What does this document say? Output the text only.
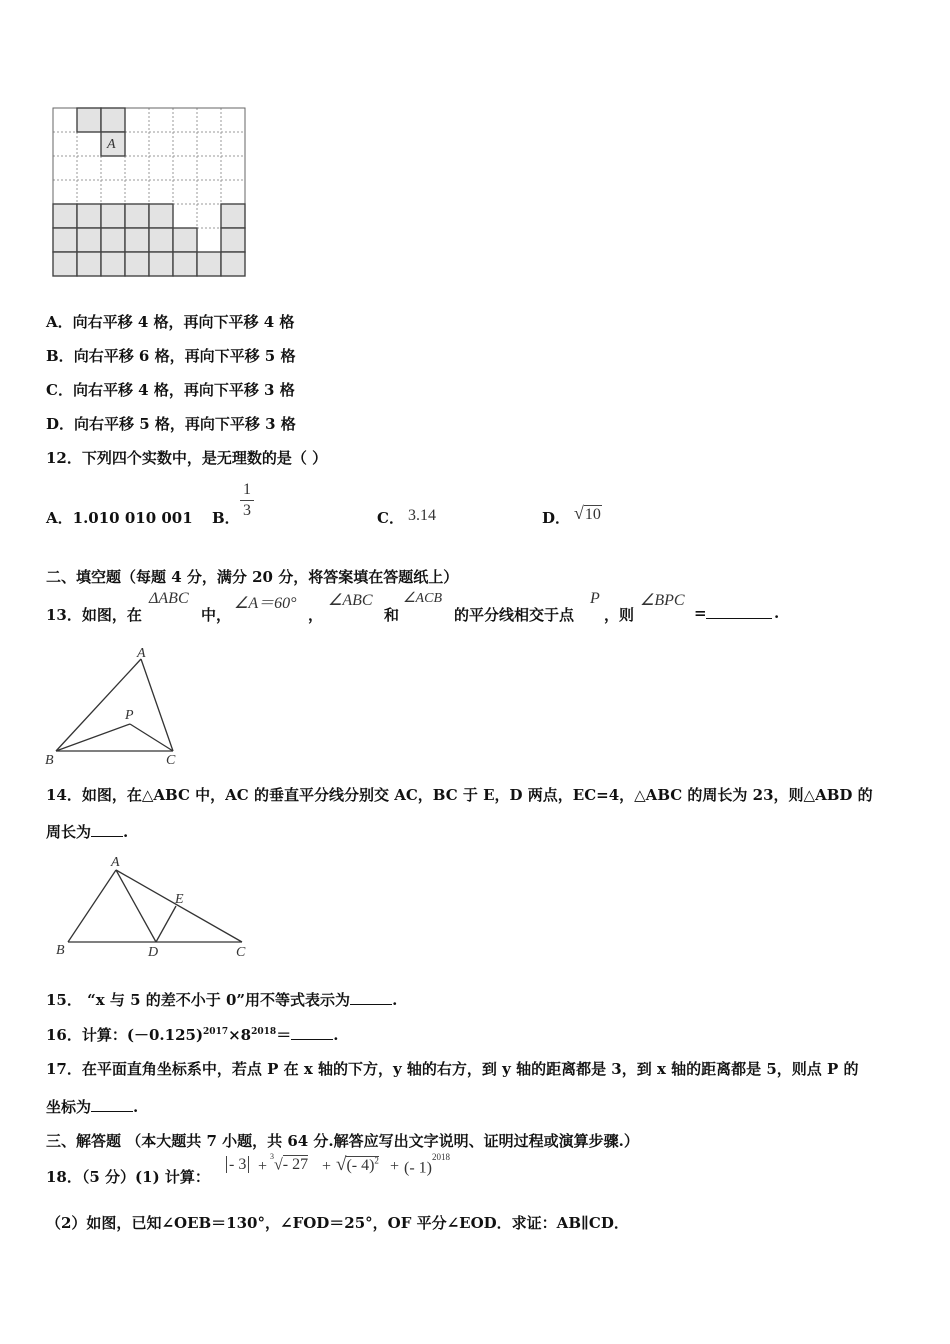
A
A．向右平移 4 格，再向下平移 4 格
B．向右平移 6 格，再向下平移 5 格
C．向右平移 4 格，再向下平移 3 格
D．向右平移 5 格，再向下平移 3 格
12．下列四个实数中，是无理数的是（ ）
A．1.010 010 001 B．
1
3	C． 3.14	D． √10
二、填空题（每题 4 分，满分 20 分，将答案填在答题纸上）
13．如图，在
ΔABC
中，
∠A＝60°
，
∠ABC
和
∠ACB
的平分线相交于点
P
，则
∠BPC
=	.
A
P
B	C
14．如图，在△ABC 中，AC 的垂直平分线分别交 AC，BC 于 E，D 两点，EC=4，△ABC 的周长为 23，则△ABD 的
周长为 .
A
E
B	D	C
15． “x 与 5 的差不小于 0”用不等式表示为	.
16．计算：$(-0.125)^{2017}\times 8^{2018}=$	.
17．在平面直角坐标系中，若点 P 在 x 轴的下方，y 轴的右方，到 y 轴的距离都是 3，到 x 轴的距离都是 5，则点 P 的
坐标为	.
三、解答题 （本大题共 7 小题，共 64 分.解答应写出文字说明、证明过程或演算步骤.）
18．（5 分）(1) 计算：
- 3 +
$^3$√- 27 + √(- 4)$^2$ + (- 1)$^{2018}$
（2）如图，已知∠OEB＝130°，∠FOD＝25°，OF 平分∠EOD．求证：AB∥CD．
